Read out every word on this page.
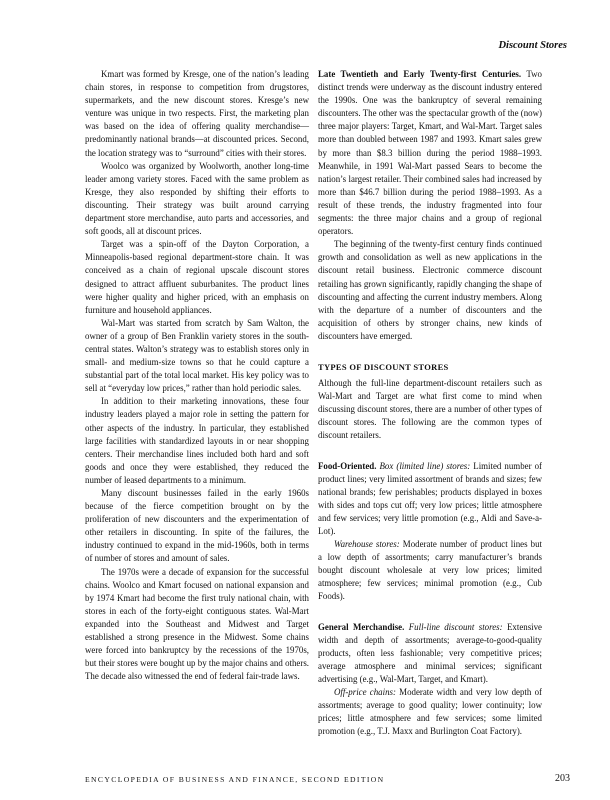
Discount Stores

Kmart was formed by Kresge, one of the nation’s leading chain stores, in response to competition from drugstores, supermarkets, and the new discount stores. Kresge’s new venture was unique in two respects. First, the marketing plan was based on the idea of offering quality merchandise—predominantly national brands—at discounted prices. Second, the location strategy was to “surround” cities with their stores.

Woolco was organized by Woolworth, another long-time leader among variety stores. Faced with the same problem as Kresge, they also responded by shifting their efforts to discounting. Their strategy was built around carrying department store merchandise, auto parts and accessories, and soft goods, all at discount prices.

Target was a spin-off of the Dayton Corporation, a Minneapolis-based regional department-store chain. It was conceived as a chain of regional upscale discount stores designed to attract affluent suburbanites. The product lines were higher quality and higher priced, with an emphasis on furniture and household appliances.

Wal-Mart was started from scratch by Sam Walton, the owner of a group of Ben Franklin variety stores in the south-central states. Walton’s strategy was to establish stores only in small- and medium-size towns so that he could capture a substantial part of the total local market. His key policy was to sell at “everyday low prices,” rather than hold periodic sales.

In addition to their marketing innovations, these four industry leaders played a major role in setting the pattern for other aspects of the industry. In particular, they established large facilities with standardized layouts in or near shopping centers. Their merchandise lines included both hard and soft goods and once they were established, they reduced the number of leased departments to a minimum.

Many discount businesses failed in the early 1960s because of the fierce competition brought on by the proliferation of new discounters and the experimentation of other retailers in discounting. In spite of the failures, the industry continued to expand in the mid-1960s, both in terms of number of stores and amount of sales.

The 1970s were a decade of expansion for the successful chains. Woolco and Kmart focused on national expansion and by 1974 Kmart had become the first truly national chain, with stores in each of the forty-eight contiguous states. Wal-Mart expanded into the Southeast and Midwest and Target established a strong presence in the Midwest. Some chains were forced into bankruptcy by the recessions of the 1970s, but their stores were bought up by the major chains and others. The decade also witnessed the end of federal fair-trade laws.

Late Twentieth and Early Twenty-first Centuries. Two distinct trends were underway as the discount industry entered the 1990s. One was the bankruptcy of several remaining discounters. The other was the spectacular growth of the (now) three major players: Target, Kmart, and Wal-Mart. Target sales more than doubled between 1987 and 1993. Kmart sales grew by more than $8.3 billion during the period 1988–1993. Meanwhile, in 1991 Wal-Mart passed Sears to become the nation’s largest retailer. Their combined sales had increased by more than $46.7 billion during the period 1988–1993. As a result of these trends, the industry fragmented into four segments: the three major chains and a group of regional operators.

The beginning of the twenty-first century finds continued growth and consolidation as well as new applications in the discount retail business. Electronic commerce discount retailing has grown significantly, rapidly changing the shape of discounting and affecting the current industry members. Along with the departure of a number of discounters and the acquisition of others by stronger chains, new kinds of discounters have emerged.

TYPES OF DISCOUNT STORES

Although the full-line department-discount retailers such as Wal-Mart and Target are what first come to mind when discussing discount stores, there are a number of other types of discount stores. The following are the common types of discount retailers.

Food-Oriented. Box (limited line) stores: Limited number of product lines; very limited assortment of brands and sizes; few national brands; few perishables; products displayed in boxes with sides and tops cut off; very low prices; little atmosphere and few services; very little promotion (e.g., Aldi and Save-a-Lot).

Warehouse stores: Moderate number of product lines but a low depth of assortments; carry manufacturer’s brands bought discount wholesale at very low prices; limited atmosphere; few services; minimal promotion (e.g., Cub Foods).

General Merchandise. Full-line discount stores: Extensive width and depth of assortments; average-to-good-quality products, often less fashionable; very competitive prices; average atmosphere and minimal services; significant advertising (e.g., Wal-Mart, Target, and Kmart).

Off-price chains: Moderate width and very low depth of assortments; average to good quality; lower continuity; low prices; little atmosphere and few services; some limited promotion (e.g., T.J. Maxx and Burlington Coat Factory).

ENCYCLOPEDIA OF BUSINESS AND FINANCE, SECOND EDITION	203
